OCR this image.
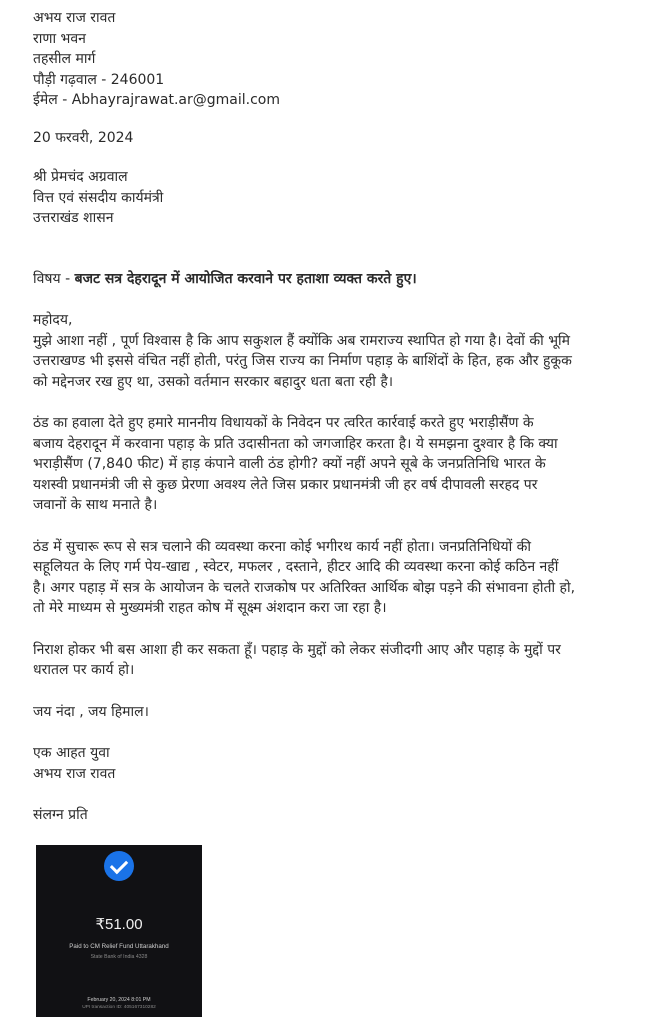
अभय राज रावत
राणा भवन
तहसील मार्ग
पौड़ी गढ़वाल - 246001
ईमेल - Abhayrajrawat.ar@gmail.com
20 फरवरी, 2024
श्री प्रेमचंद अग्रवाल
वित्त एवं संसदीय कार्यमंत्री
उत्तराखंड शासन
विषय - बजट सत्र देहरादून में आयोजित करवाने पर हताशा व्यक्त करते हुए।
महोदय,
मुझे आशा नहीं , पूर्ण विश्वास है कि आप सकुशल हैं क्योंकि अब रामराज्य स्थापित हो गया है। देवों की भूमि
उत्तराखण्ड भी इससे वंचित नहीं होती, परंतु जिस राज्य का निर्माण पहाड़ के बाशिंदों के हित, हक और हुकूक
को मद्देनजर रख हुए था, उसको वर्तमान सरकार बहादुर धता बता रही है।
ठंड का हवाला देते हुए हमारे माननीय विधायकों के निवेदन पर त्वरित कार्रवाई करते हुए भराड़ीसैंण के
बजाय देहरादून में करवाना पहाड़ के प्रति उदासीनता को जगजाहिर करता है। ये समझना दुश्वार है कि क्या
भराड़ीसैंण (7,840 फीट) में हाड़ कंपाने वाली ठंड होगी? क्यों नहीं अपने सूबे के जनप्रतिनिधि भारत के
यशस्वी प्रधानमंत्री जी से कुछ प्रेरणा अवश्य लेते जिस प्रकार प्रधानमंत्री जी हर वर्ष दीपावली सरहद पर
जवानों के साथ मनाते है।
ठंड में सुचारू रूप से सत्र चलाने की व्यवस्था करना कोई भगीरथ कार्य नहीं होता। जनप्रतिनिधियों की
सहूलियत के लिए गर्म पेय-खाद्य , स्वेटर, मफलर , दस्ताने, हीटर आदि की व्यवस्था करना कोई कठिन नहीं
है। अगर पहाड़ में सत्र के आयोजन के चलते राजकोष पर अतिरिक्त आर्थिक बोझ पड़ने की संभावना होती हो,
तो मेरे माध्यम से मुख्यमंत्री राहत कोष में सूक्ष्म अंशदान करा जा रहा है।
निराश होकर भी बस आशा ही कर सकता हूँ। पहाड़ के मुद्दों को लेकर संजीदगी आए और पहाड़ के मुद्दों पर
धरातल पर कार्य हो।
जय नंदा , जय हिमाल।
एक आहत युवा
अभय राज रावत
संलग्न प्रति
₹51.00
Paid to CM Relief Fund Uttarakhand
State Bank of India 4328
February 20, 2024 8:01 PM
UPI transaction ID: 405167310282
